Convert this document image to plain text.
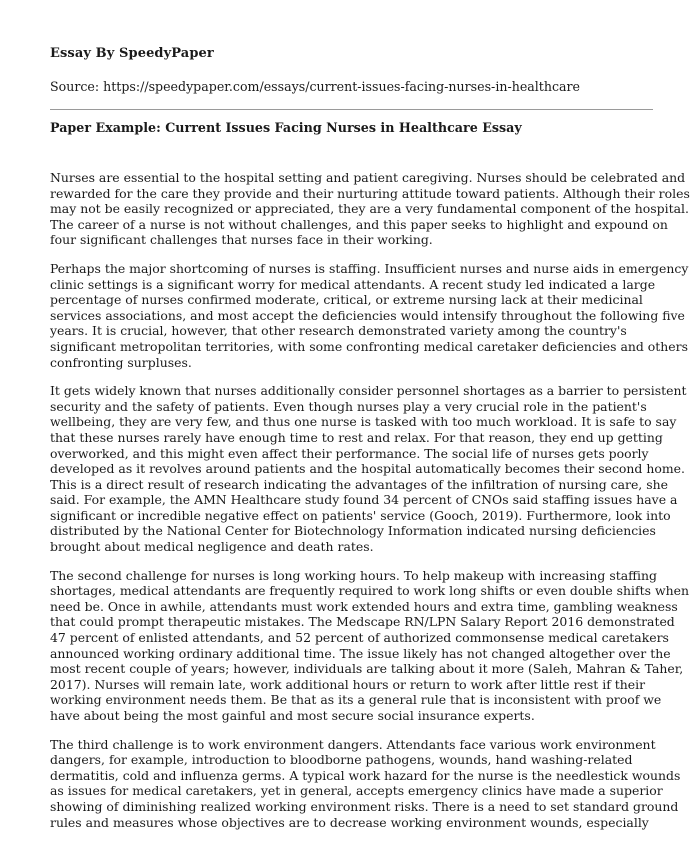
Essay By SpeedyPaper
Source: https://speedypaper.com/essays/current-issues-facing-nurses-in-healthcare
Paper Example: Current Issues Facing Nurses in Healthcare Essay

Nurses are essential to the hospital setting and patient caregiving. Nurses should be celebrated and
rewarded for the care they provide and their nurturing attitude toward patients. Although their roles
may not be easily recognized or appreciated, they are a very fundamental component of the hospital.
The career of a nurse is not without challenges, and this paper seeks to highlight and expound on
four significant challenges that nurses face in their working.

Perhaps the major shortcoming of nurses is staffing. Insufficient nurses and nurse aids in emergency
clinic settings is a significant worry for medical attendants. A recent study led indicated a large
percentage of nurses confirmed moderate, critical, or extreme nursing lack at their medicinal
services associations, and most accept the deficiencies would intensify throughout the following five
years. It is crucial, however, that other research demonstrated variety among the country's
significant metropolitan territories, with some confronting medical caretaker deficiencies and others
confronting surpluses.

It gets widely known that nurses additionally consider personnel shortages as a barrier to persistent
security and the safety of patients. Even though nurses play a very crucial role in the patient's
wellbeing, they are very few, and thus one nurse is tasked with too much workload. It is safe to say
that these nurses rarely have enough time to rest and relax. For that reason, they end up getting
overworked, and this might even affect their performance. The social life of nurses gets poorly
developed as it revolves around patients and the hospital automatically becomes their second home.
This is a direct result of research indicating the advantages of the infiltration of nursing care, she
said. For example, the AMN Healthcare study found 34 percent of CNOs said staffing issues have a
significant or incredible negative effect on patients' service (Gooch, 2019). Furthermore, look into
distributed by the National Center for Biotechnology Information indicated nursing deficiencies
brought about medical negligence and death rates.

The second challenge for nurses is long working hours. To help makeup with increasing staffing
shortages, medical attendants are frequently required to work long shifts or even double shifts when
need be. Once in awhile, attendants must work extended hours and extra time, gambling weakness
that could prompt therapeutic mistakes. The Medscape RN/LPN Salary Report 2016 demonstrated
47 percent of enlisted attendants, and 52 percent of authorized commonsense medical caretakers
announced working ordinary additional time. The issue likely has not changed altogether over the
most recent couple of years; however, individuals are talking about it more (Saleh, Mahran & Taher,
2017). Nurses will remain late, work additional hours or return to work after little rest if their
working environment needs them. Be that as its a general rule that is inconsistent with proof we
have about being the most gainful and most secure social insurance experts.

The third challenge is to work environment dangers. Attendants face various work environment
dangers, for example, introduction to bloodborne pathogens, wounds, hand washing-related
dermatitis, cold and influenza germs. A typical work hazard for the nurse is the needlestick wounds
as issues for medical caretakers, yet in general, accepts emergency clinics have made a superior
showing of diminishing realized working environment risks. There is a need to set standard ground
rules and measures whose objectives are to decrease working environment wounds, especially
